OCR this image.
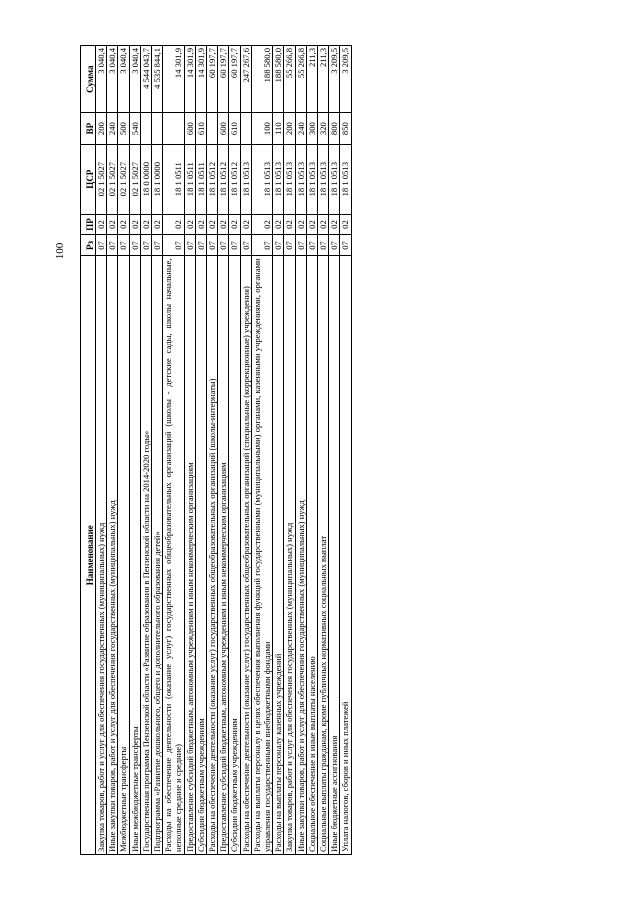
100
Наименование	Рз	ПР	ЦСР	ВР	Сумма
Закупка товаров, работ и услуг для обеспечения государственных (муниципальных) нужд	07	02	02 1 5027	200	3 040,4
Иные закупки товаров, работ и услуг для обеспечения государственных (муниципальных) нужд	07	02	02 1 5027	240	3 040,4
Межбюджетные трансферты	07	02	02 1 5027	500	3 040,4
Иные межбюджетные трансферты	07	02	02 1 5027	540	3 040,4
Государственная программа Пензенской области «Развитие образования в Пензенской области на 2014-2020 годы»	07	02	18 0 0000		4 544 043,7
Подпрограмма «Развитие дошкольного, общего и дополнительного образования детей»	07	02	18 1 0000		4 535 844,1
Расходы на обеспечение деятельности (оказание услуг) государственных общеобразовательных организаций (школы - детские сады, школы начальные, неполные средние и средние)	07	02	18 1 0511		14 301,9
Предоставление субсидий бюджетным, автономным учреждениям и иным некоммерческим организациям	07	02	18 1 0511	600	14 301,9
Субсидии бюджетным учреждениям	07	02	18 1 0511	610	14 301,9
Расходы на обеспечение деятельности (оказание услуг) государственных общеобразовательных организаций (школы-интернаты)	07	02	18 1 0512		60 197,7
Предоставление субсидий бюджетным, автономным учреждениям и иным некоммерческим организациям	07	02	18 1 0512	600	60 197,7
Субсидии бюджетным учреждениям	07	02	18 1 0512	610	60 197,7
Расходы на обеспечение деятельности (оказание услуг) государственных общеобразовательных организаций (специальные (коррекционные) учреждения)	07	02	18 1 0513		247 267,6
Расходы на выплаты персоналу в целях обеспечения выполнения функций государственными (муниципальными) органами, казенными учреждениями, органами управления государственными внебюджетными фондами	07	02	18 1 0513	100	188 580,0
Расходы на выплаты персоналу казенных учреждений	07	02	18 1 0513	110	188 580,0
Закупка товаров, работ и услуг для обеспечения государственных (муниципальных) нужд	07	02	18 1 0513	200	55 266,8
Иные закупки товаров, работ и услуг для обеспечения государственных (муниципальных) нужд	07	02	18 1 0513	240	55 266,8
Социальное обеспечение и иные выплаты населению	07	02	18 1 0513	300	211,3
Социальные выплаты гражданам, кроме публичных нормативных социальных выплат	07	02	18 1 0513	320	211,3
Иные бюджетные ассигнования	07	02	18 1 0513	800	3 209,5
Уплата налогов, сборов и иных платежей	07	02	18 1 0513	850	3 209,5
